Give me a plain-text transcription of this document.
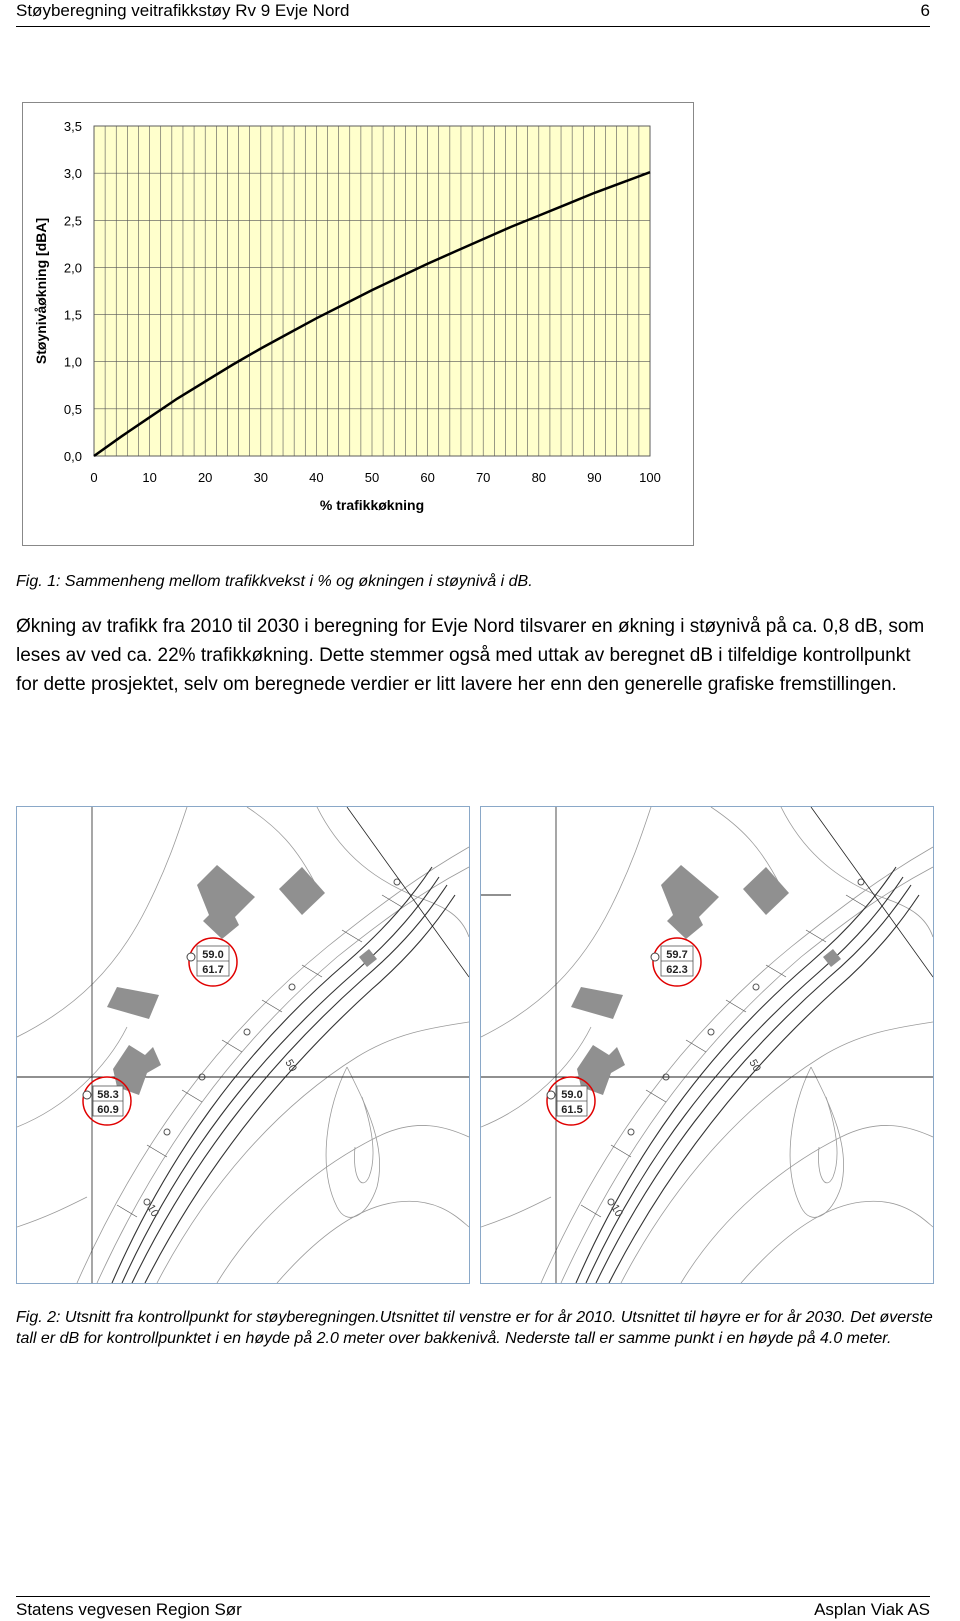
Støyberegning veitrafikkstøy Rv 9 Evje Nord	6
0,0
0,5
1,0
1,5
2,0
2,5
3,0
3,5
0	10	20	30	40	50	60	70	80	90	100
% trafikkøkning
Støynivåøkning [dBA]
Fig. 1: Sammenheng mellom trafikkvekst i % og økningen i støynivå i dB.
Økning av trafikk fra 2010 til 2030 i beregning for Evje Nord tilsvarer en økning i støynivå på ca. 0,8 dB, som leses av ved ca. 22% trafikkøkning. Dette stemmer også med uttak av beregnet dB i tilfeldige kontrollpunkt for dette prosjektet, selv om beregnede verdier er litt lavere her enn den generelle grafiske fremstillingen.
59.0
61.7
58.3
60.9
50
10
59.7
62.3
59.0
61.5
50
10
Fig. 2: Utsnitt fra kontrollpunkt for støyberegningen.Utsnittet til venstre er for år 2010. Utsnittet til høyre er for år 2030. Det øverste tall er dB for kontrollpunktet i en høyde på 2.0 meter over bakkenivå. Nederste tall er samme punkt i en høyde på 4.0 meter.
Statens vegvesen Region Sør	Asplan Viak AS
